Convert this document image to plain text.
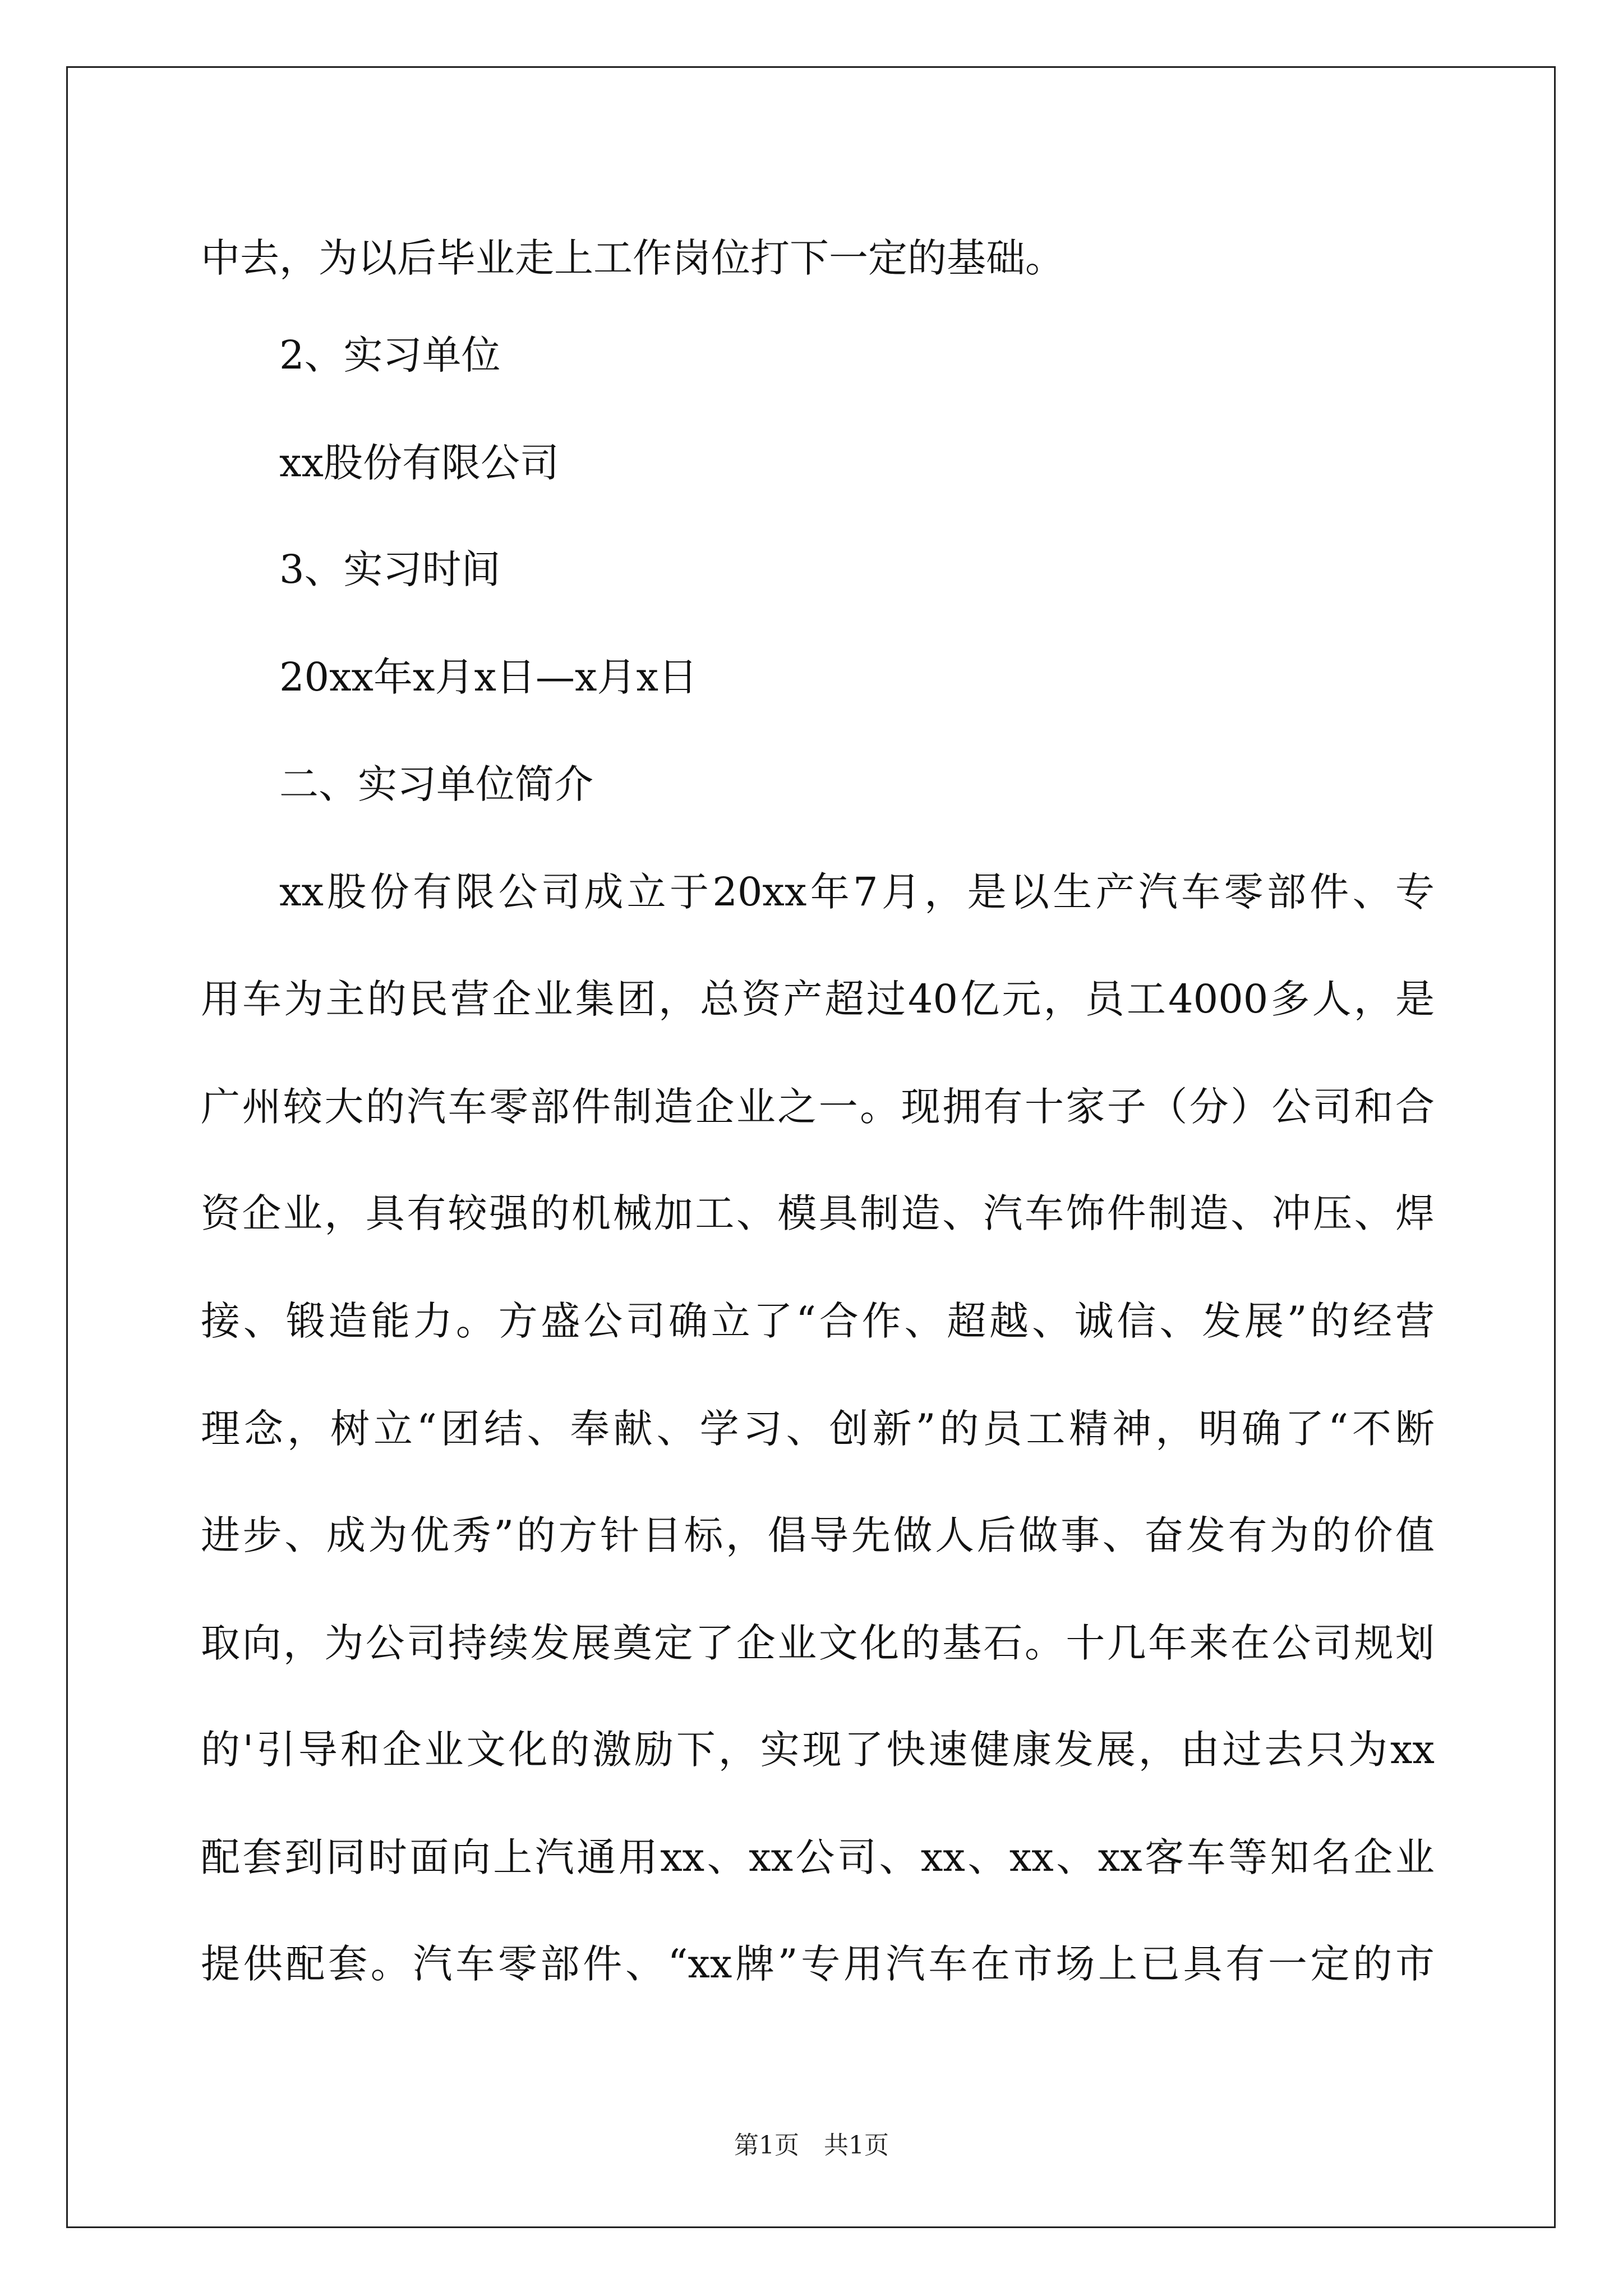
中去，为以后毕业走上工作岗位打下一定的基础。
2、实习单位
xx股份有限公司
3、实习时间
20xx年x月x日—x月x日
二、实习单位简介
xx股份有限公司成立于20xx年7月，是以生产汽车零部件、专
用车为主的民营企业集团，总资产超过40亿元，员工4000多人，是
广州较大的汽车零部件制造企业之一。现拥有十家子（分）公司和合
资企业，具有较强的机械加工、模具制造、汽车饰件制造、冲压、焊
接、锻造能力。方盛公司确立了“合作、超越、诚信、发展”的经营
理念，树立“团结、奉献、学习、创新”的员工精神，明确了“不断
进步、成为优秀”的方针目标，倡导先做人后做事、奋发有为的价值
取向，为公司持续发展奠定了企业文化的基石。十几年来在公司规划
的'引导和企业文化的激励下，实现了快速健康发展，由过去只为xx
配套到同时面向上汽通用xx、xx公司、xx、xx、xx客车等知名企业
提供配套。汽车零部件、“xx牌”专用汽车在市场上已具有一定的市
第1页　共1页
